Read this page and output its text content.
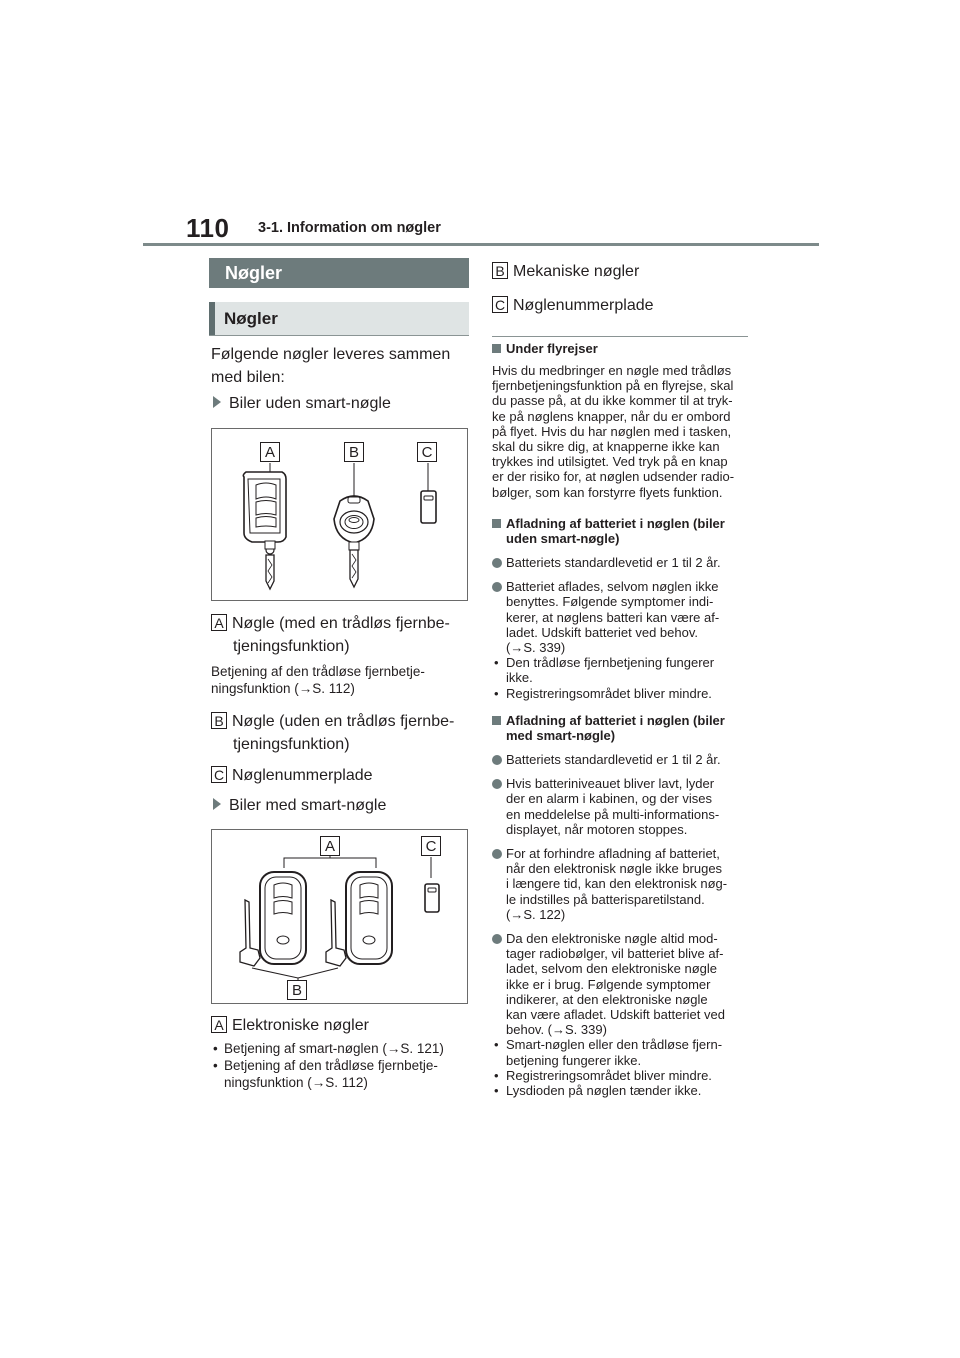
110 3-1. Information om nøgler
Nøgler
Nøgler
Følgende nøgler leveres sammen
med bilen:
Biler uden smart-nøgle
A	B	C
A Nøgle (med en trådløs fjernbe-
tjeningsfunktion)
Betjening af den trådløse fjernbetje-
ningsfunktion (→S. 112)
B Nøgle (uden en trådløs fjernbe-
tjeningsfunktion)
C Nøglenummerplade
Biler med smart-nøgle
A	C
B
A Elektroniske nøgler
• Betjening af smart-nøglen (→S. 121)
• Betjening af den trådløse fjernbetje-
ningsfunktion (→S. 112)
B Mekaniske nøgler
C Nøglenummerplade
Under flyrejser
Hvis du medbringer en nøgle med trådløs
fjernbetjeningsfunktion på en flyrejse, skal
du passe på, at du ikke kommer til at tryk-
ke på nøglens knapper, når du er ombord
på flyet. Hvis du har nøglen med i tasken,
skal du sikre dig, at knapperne ikke kan
trykkes ind utilsigtet. Ved tryk på en knap
er der risiko for, at nøglen udsender radio-
bølger, som kan forstyrre flyets funktion.
Afladning af batteriet i nøglen (biler
uden smart-nøgle)
Batteriets standardlevetid er 1 til 2 år.
Batteriet aflades, selvom nøglen ikke
benyttes. Følgende symptomer indi-
kerer, at nøglens batteri kan være af-
ladet. Udskift batteriet ved behov.
(→S. 339)
• Den trådløse fjernbetjening fungerer
ikke.
• Registreringsområdet bliver mindre.
Afladning af batteriet i nøglen (biler
med smart-nøgle)
Batteriets standardlevetid er 1 til 2 år.
Hvis batteriniveauet bliver lavt, lyder
der en alarm i kabinen, og der vises
en meddelelse på multi-informations-
displayet, når motoren stoppes.
For at forhindre afladning af batteriet,
når den elektronisk nøgle ikke bruges
i længere tid, kan den elektronisk nøg-
le indstilles på batterisparetilstand.
(→S. 122)
Da den elektroniske nøgle altid mod-
tager radiobølger, vil batteriet blive af-
ladet, selvom den elektroniske nøgle
ikke er i brug. Følgende symptomer
indikerer, at den elektroniske nøgle
kan være afladet. Udskift batteriet ved
behov. (→S. 339)
• Smart-nøglen eller den trådløse fjern-
betjening fungerer ikke.
• Registreringsområdet bliver mindre.
• Lysdioden på nøglen tænder ikke.
